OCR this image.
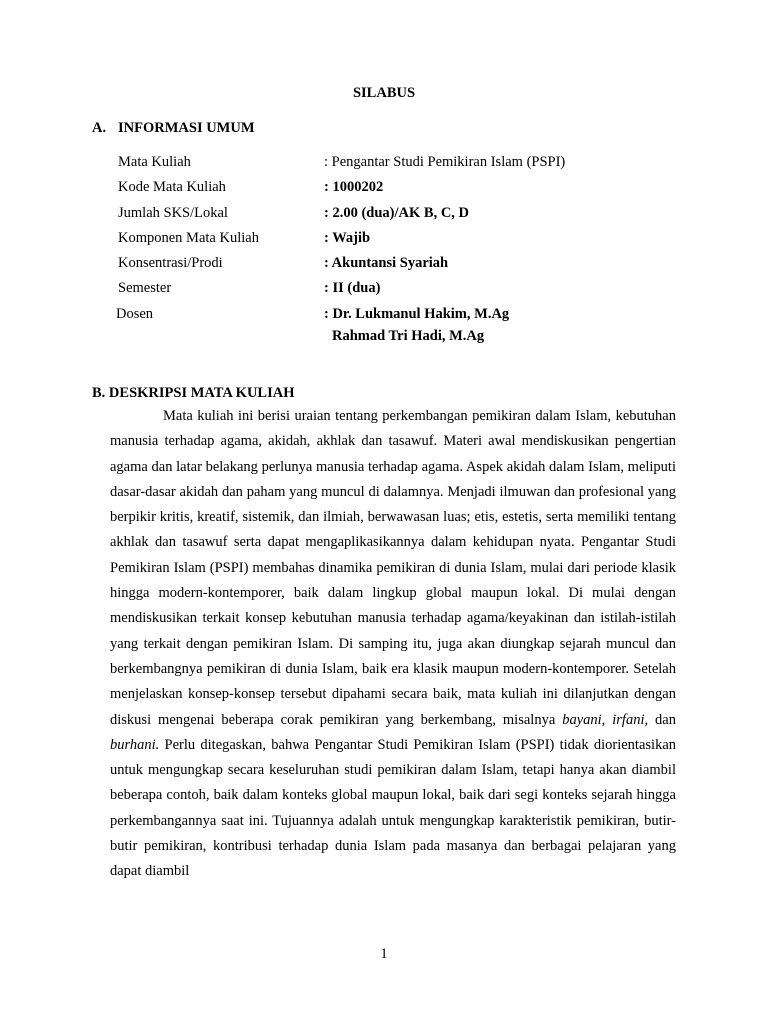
SILABUS
A. INFORMASI UMUM
Mata Kuliah	: Pengantar Studi Pemikiran Islam (PSPI)
Kode Mata Kuliah	: 1000202
Jumlah SKS/Lokal	: 2.00 (dua)/AK B, C, D
Komponen Mata Kuliah	: Wajib
Konsentrasi/Prodi	: Akuntansi Syariah
Semester	: II (dua)
Dosen	: Dr. Lukmanul Hakim, M.Ag
Rahmad Tri Hadi, M.Ag
B. DESKRIPSI MATA KULIAH

Mata kuliah ini berisi uraian tentang perkembangan pemikiran dalam Islam, kebutuhan manusia terhadap agama, akidah, akhlak dan tasawuf. Materi awal mendiskusikan pengertian agama dan latar belakang perlunya manusia terhadap agama. Aspek akidah dalam Islam, meliputi dasar-dasar akidah dan paham yang muncul di dalamnya. Menjadi ilmuwan dan profesional yang berpikir kritis, kreatif, sistemik, dan ilmiah, berwawasan luas; etis, estetis, serta memiliki tentang akhlak dan tasawuf serta dapat mengaplikasikannya dalam kehidupan nyata. Pengantar Studi Pemikiran Islam (PSPI) membahas dinamika pemikiran di dunia Islam, mulai dari periode klasik hingga modern-kontemporer, baik dalam lingkup global maupun lokal. Di mulai dengan mendiskusikan terkait konsep kebutuhan manusia terhadap agama/keyakinan dan istilah-istilah yang terkait dengan pemikiran Islam. Di samping itu, juga akan diungkap sejarah muncul dan berkembangnya pemikiran di dunia Islam, baik era klasik maupun modern-kontemporer. Setelah menjelaskan konsep-konsep tersebut dipahami secara baik, mata kuliah ini dilanjutkan dengan diskusi mengenai beberapa corak pemikiran yang berkembang, misalnya bayani, irfani, dan burhani. Perlu ditegaskan, bahwa Pengantar Studi Pemikiran Islam (PSPI) tidak diorientasikan untuk mengungkap secara keseluruhan studi pemikiran dalam Islam, tetapi hanya akan diambil beberapa contoh, baik dalam konteks global maupun lokal, baik dari segi konteks sejarah hingga perkembangannya saat ini. Tujuannya adalah untuk mengungkap karakteristik pemikiran, butir-butir pemikiran, kontribusi terhadap dunia Islam pada masanya dan berbagai pelajaran yang dapat diambil

1
